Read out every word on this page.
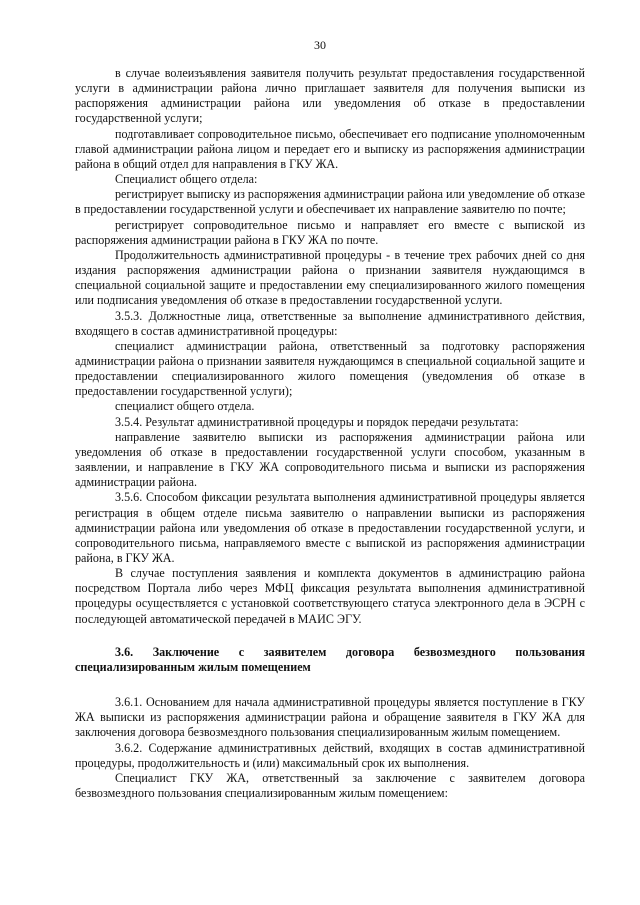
30

в случае волеизъявления заявителя получить результат предоставления государственной услуги в администрации района лично приглашает заявителя для получения выписки из распоряжения администрации района или уведомления об отказе в предоставлении государственной услуги;

подготавливает сопроводительное письмо, обеспечивает его подписание уполномоченным главой администрации района лицом и передает его и выписку из распоряжения администрации района в общий отдел для направления в ГКУ ЖА.

Специалист общего отдела:

регистрирует выписку из распоряжения администрации района или уведомление об отказе в предоставлении государственной услуги и обеспечивает их направление заявителю по почте;

регистрирует сопроводительное письмо и направляет его вместе с выпиской из распоряжения администрации района в ГКУ ЖА по почте.

Продолжительность административной процедуры - в течение трех рабочих дней со дня издания распоряжения администрации района о признании заявителя нуждающимся в специальной социальной защите и предоставлении ему специализированного жилого помещения или подписания уведомления об отказе в предоставлении государственной услуги.

3.5.3. Должностные лица, ответственные за выполнение административного действия, входящего в состав административной процедуры:

специалист администрации района, ответственный за подготовку распоряжения администрации района о признании заявителя нуждающимся в специальной социальной защите и предоставлении специализированного жилого помещения (уведомления об отказе в предоставлении государственной услуги);

специалист общего отдела.

3.5.4. Результат административной процедуры и порядок передачи результата:

направление заявителю выписки из распоряжения администрации района или уведомления об отказе в предоставлении государственной услуги способом, указанным в заявлении, и направление в ГКУ ЖА сопроводительного письма и выписки из распоряжения администрации района.

3.5.6. Способом фиксации результата выполнения административной процедуры является регистрация в общем отделе письма заявителю о направлении выписки из распоряжения администрации района или уведомления об отказе в предоставлении государственной услуги, и сопроводительного письма, направляемого вместе с выпиской из распоряжения администрации района, в ГКУ ЖА.

В случае поступления заявления и комплекта документов в администрацию района посредством Портала либо через МФЦ фиксация результата выполнения административной процедуры осуществляется с установкой соответствующего статуса электронного дела в ЭСРН с последующей автоматической передачей в МАИС ЭГУ.

3.6. Заключение с заявителем договора безвозмездного пользования специализированным жилым помещением

3.6.1. Основанием для начала административной процедуры является поступление в ГКУ ЖА выписки из распоряжения администрации района и обращение заявителя в ГКУ ЖА для заключения договора безвозмездного пользования специализированным жилым помещением.

3.6.2. Содержание административных действий, входящих в состав административной процедуры, продолжительность и (или) максимальный срок их выполнения.

Специалист ГКУ ЖА, ответственный за заключение с заявителем договора безвозмездного пользования специализированным жилым помещением:
